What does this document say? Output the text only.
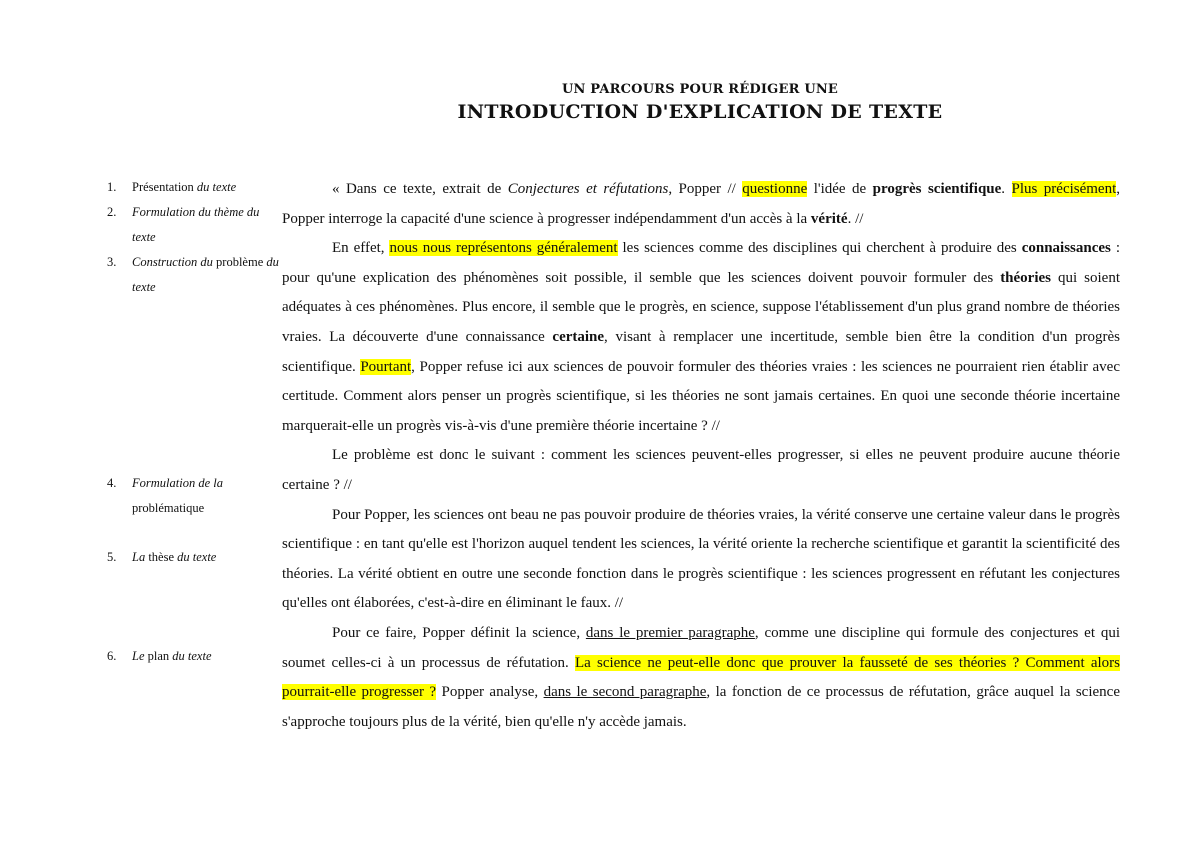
UN PARCOURS POUR RÉDIGER UNE
INTRODUCTION D'EXPLICATION DE TEXTE
1.	Présentation du texte
2.	Formulation du thème du texte
3.	Construction du problème du texte
4.	Formulation de la problématique
5.	La thèse du texte
6.	Le plan du texte

« Dans ce texte, extrait de Conjectures et réfutations, Popper // questionne l'idée de progrès scientifique. Plus précisément, Popper interroge la capacité d'une science à progresser indépendamment d'un accès à la vérité. //

En effet, nous nous représentons généralement les sciences comme des disciplines qui cherchent à produire des connaissances : pour qu'une explication des phénomènes soit possible, il semble que les sciences doivent pouvoir formuler des théories qui soient adéquates à ces phénomènes. Plus encore, il semble que le progrès, en science, suppose l'établissement d'un plus grand nombre de théories vraies. La découverte d'une connaissance certaine, visant à remplacer une incertitude, semble bien être la condition d'un progrès scientifique. Pourtant, Popper refuse ici aux sciences de pouvoir formuler des théories vraies : les sciences ne pourraient rien établir avec certitude. Comment alors penser un progrès scientifique, si les théories ne sont jamais certaines. En quoi une seconde théorie incertaine marquerait-elle un progrès vis-à-vis d'une première théorie incertaine ? //

Le problème est donc le suivant : comment les sciences peuvent-elles progresser, si elles ne peuvent produire aucune théorie certaine ? //

Pour Popper, les sciences ont beau ne pas pouvoir produire de théories vraies, la vérité conserve une certaine valeur dans le progrès scientifique : en tant qu'elle est l'horizon auquel tendent les sciences, la vérité oriente la recherche scientifique et garantit la scientificité des théories. La vérité obtient en outre une seconde fonction dans le progrès scientifique : les sciences progressent en réfutant les conjectures qu'elles ont élaborées, c'est-à-dire en éliminant le faux. //

Pour ce faire, Popper définit la science, dans le premier paragraphe, comme une discipline qui formule des conjectures et qui soumet celles-ci à un processus de réfutation. La science ne peut-elle donc que prouver la fausseté de ses théories ? Comment alors pourrait-elle progresser ? Popper analyse, dans le second paragraphe, la fonction de ce processus de réfutation, grâce auquel la science s'approche toujours plus de la vérité, bien qu'elle n'y accède jamais.
